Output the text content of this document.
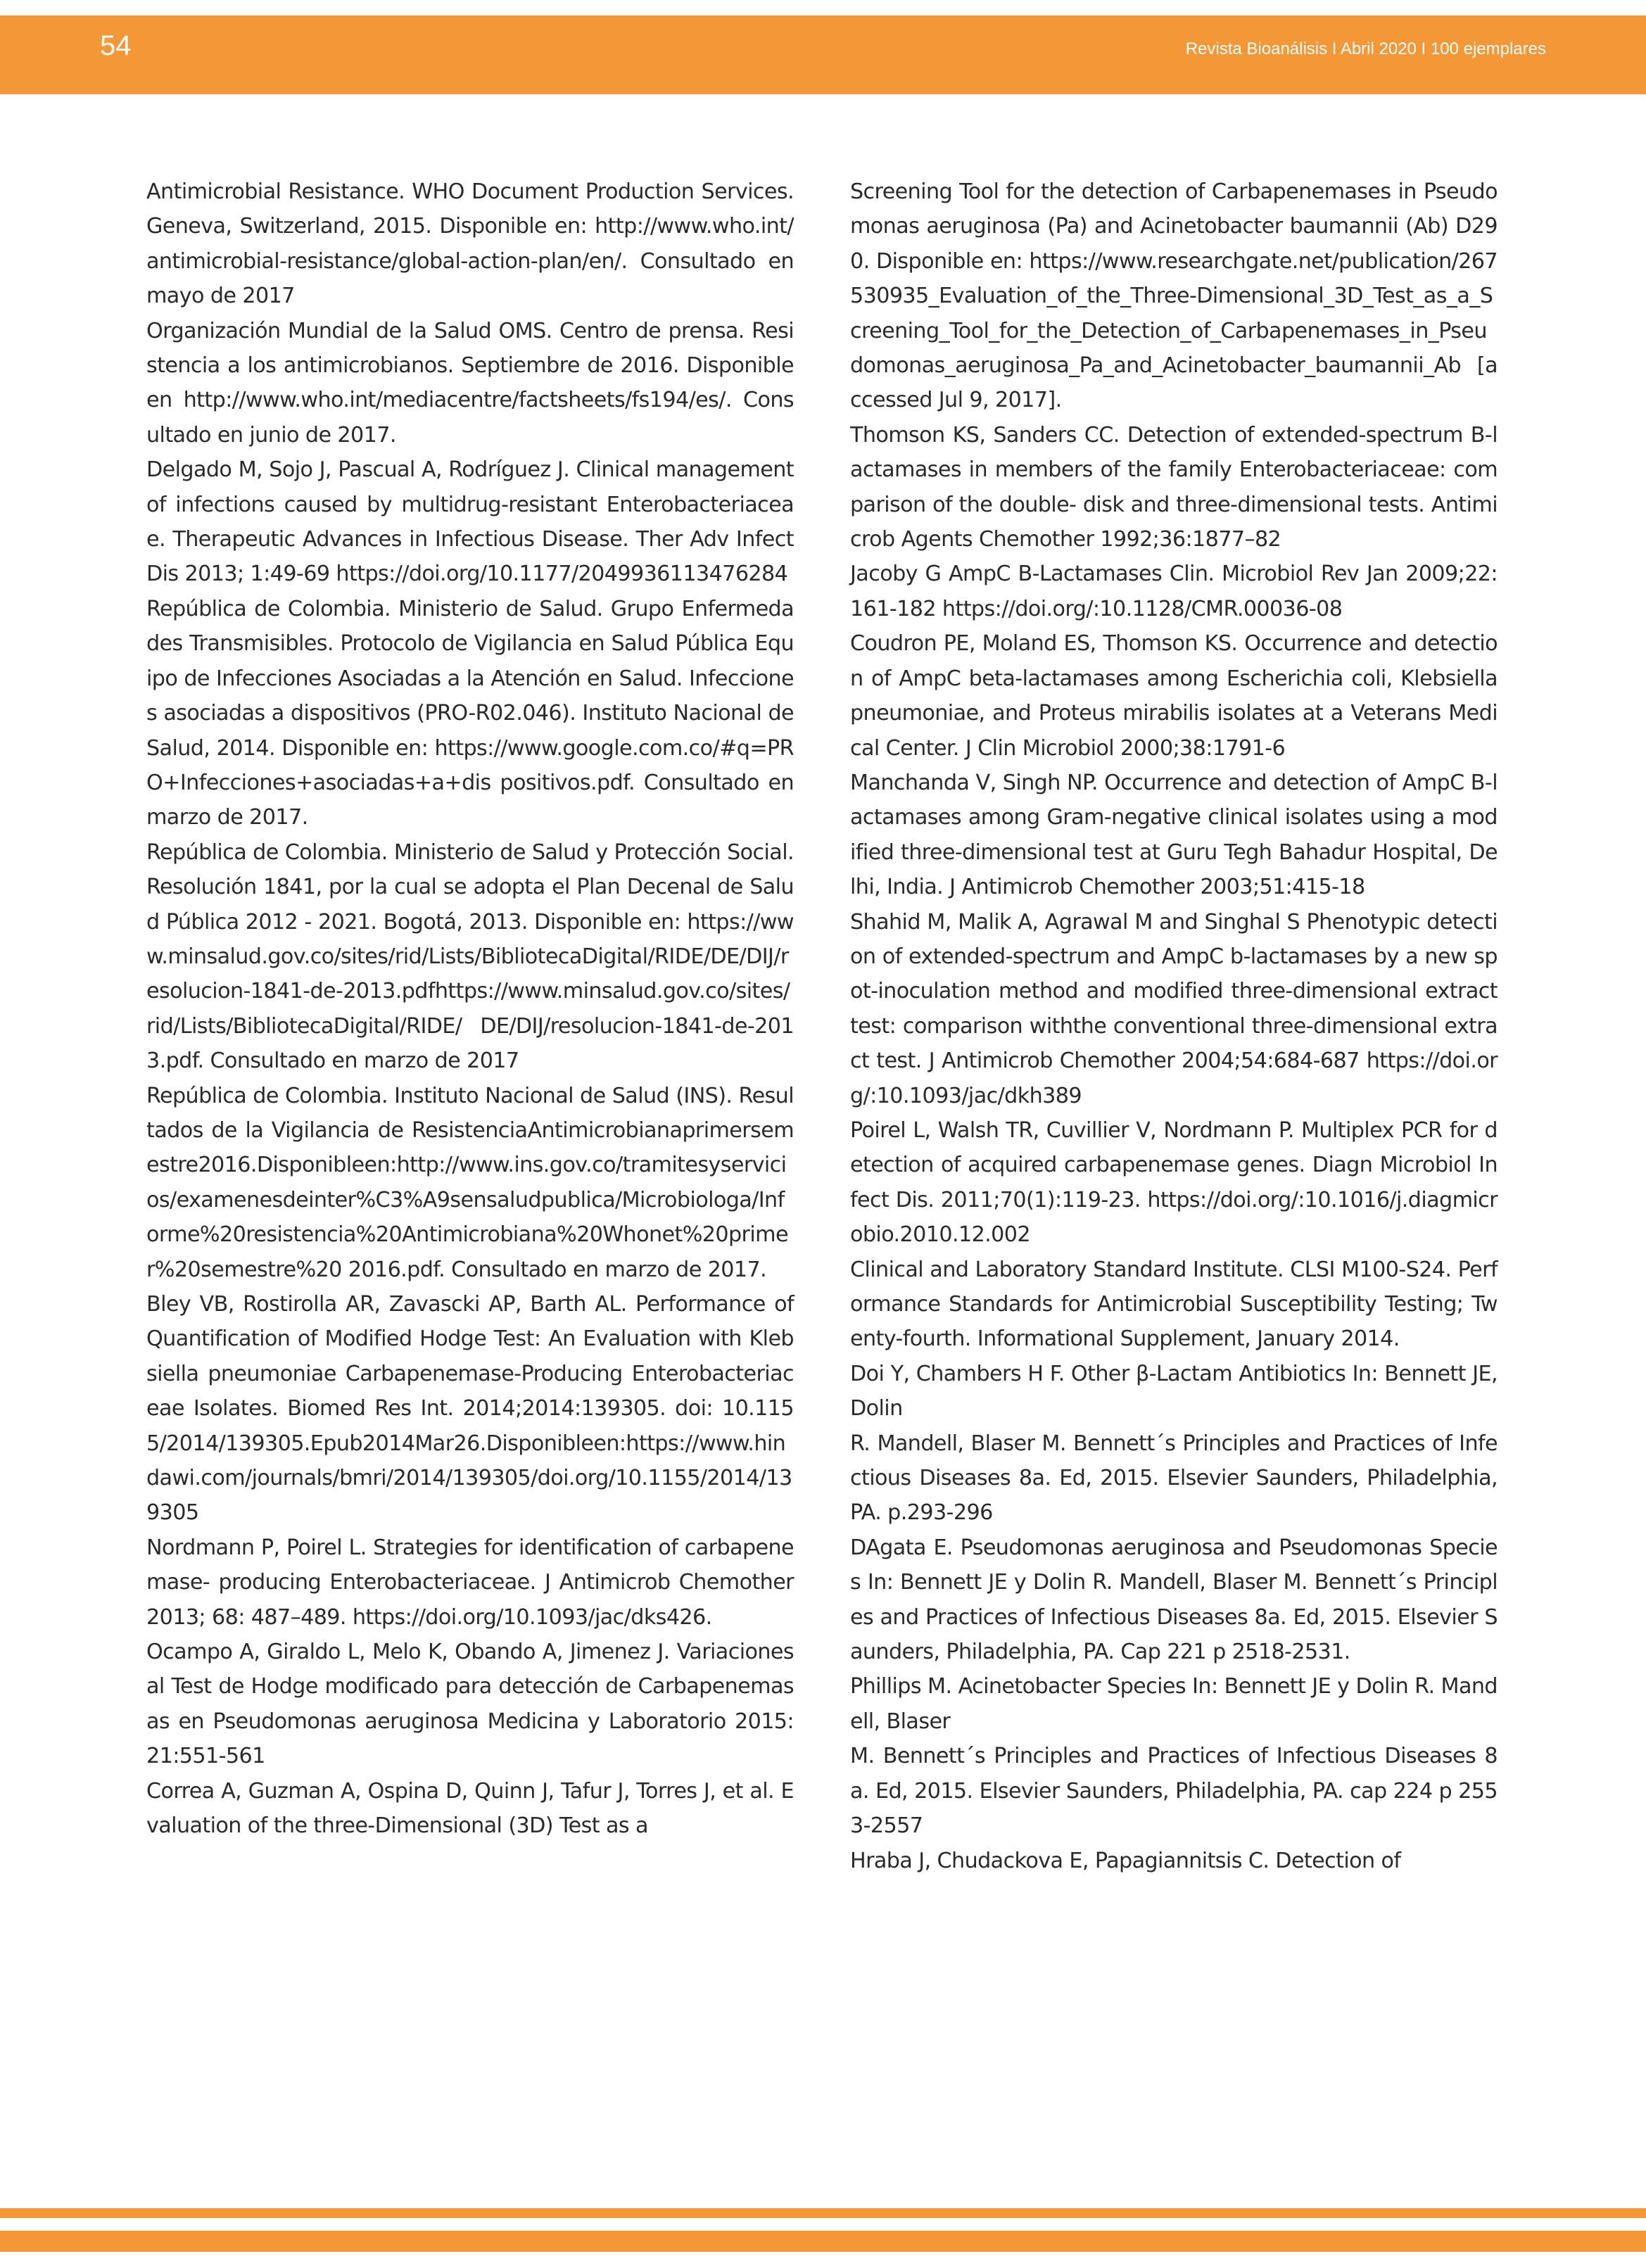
54	Revista Bioanálisis I Abril 2020 I 100 ejemplares

Antimicrobial Resistance. WHO Document Production Services. Geneva, Switzerland, 2015. Disponible en: http://www.who.int/antimicrobial-resistance/global-action-plan/en/. Consultado en mayo de 2017

Organización Mundial de la Salud OMS. Centro de prensa. Resistencia a los antimicrobianos. Septiembre de 2016. Disponible en http://www.who.int/mediacentre/factsheets/fs194/es/. Consultado en junio de 2017.

Delgado M, Sojo J, Pascual A, Rodríguez J. Clinical management of infections caused by multidrug-resistant Enterobacteriaceae. Therapeutic Advances in Infectious Disease. Ther Adv Infect Dis 2013; 1:49-69 https://doi.org/10.1177/2049936113476284

República de Colombia. Ministerio de Salud. Grupo Enfermedades Transmisibles. Protocolo de Vigilancia en Salud Pública Equipo de Infecciones Asociadas a la Atención en Salud. Infecciones asociadas a dispositivos (PRO-R02.046). Instituto Nacional de Salud, 2014. Disponible en: https://www.google.com.co/#q=PRO+Infecciones+asociadas+a+dis positivos.pdf. Consultado en marzo de 2017.

República de Colombia. Ministerio de Salud y Protección Social. Resolución 1841, por la cual se adopta el Plan Decenal de Salud Pública 2012 - 2021. Bogotá, 2013. Disponible en: https://www.minsalud.gov.co/sites/rid/Lists/BibliotecaDigital/RIDE/DE/DIJ/resolucion-1841-de-2013.pdfhttps://www.minsalud.gov.co/sites/rid/Lists/BibliotecaDigital/RIDE/ DE/DIJ/resolucion-1841-de-2013.pdf. Consultado en marzo de 2017

República de Colombia. Instituto Nacional de Salud (INS). Resultados de la Vigilancia de ResistenciaAntimicrobianaprimersemestre2016.Disponibleen:http://www.ins.gov.co/tramitesyservicios/examenesdeinter%C3%A9sensaludpublica/Microbiologa/Informe%20resistencia%20Antimicrobiana%20Whonet%20primer%20semestre%20 2016.pdf. Consultado en marzo de 2017.

Bley VB, Rostirolla AR, Zavascki AP, Barth AL. Performance of Quantification of Modified Hodge Test: An Evaluation with Klebsiella pneumoniae Carbapenemase-Producing Enterobacteriaceae Isolates. Biomed Res Int. 2014;2014:139305. doi: 10.1155/2014/139305.Epub2014Mar26.Disponibleen:https://www.hindawi.com/journals/bmri/2014/139305/doi.org/10.1155/2014/139305

Nordmann P, Poirel L. Strategies for identification of carbapenemase- producing Enterobacteriaceae. J Antimicrob Chemother 2013; 68: 487–489. https://doi.org/10.1093/jac/dks426.

Ocampo A, Giraldo L, Melo K, Obando A, Jimenez J. Variaciones al Test de Hodge modificado para detección de Carbapenemasas en Pseudomonas aeruginosa Medicina y Laboratorio 2015: 21:551-561

Correa A, Guzman A, Ospina D, Quinn J, Tafur J, Torres J, et al. Evaluation of the three-Dimensional (3D) Test as a

Screening Tool for the detection of Carbapenemases in Pseudomonas aeruginosa (Pa) and Acinetobacter baumannii (Ab) D290. Disponible en: https://www.researchgate.net/publication/267530935_Evaluation_of_the_Three-Dimensional_3D_Test_as_a_Screening_Tool_for_the_Detection_of_Carbapenemases_in_Pseudomonas_aeruginosa_Pa_and_Acinetobacter_baumannii_Ab [accessed Jul 9, 2017].

Thomson KS, Sanders CC. Detection of extended-spectrum B-lactamases in members of the family Enterobacteriaceae: comparison of the double- disk and three-dimensional tests. Antimicrob Agents Chemother 1992;36:1877–82

Jacoby G AmpC B-Lactamases Clin. Microbiol Rev Jan 2009;22:161-182 https://doi.org/:10.1128/CMR.00036-08

Coudron PE, Moland ES, Thomson KS. Occurrence and detection of AmpC beta-lactamases among Escherichia coli, Klebsiella pneumoniae, and Proteus mirabilis isolates at a Veterans Medical Center. J Clin Microbiol 2000;38:1791-6

Manchanda V, Singh NP. Occurrence and detection of AmpC B-lactamases among Gram-negative clinical isolates using a modified three-dimensional test at Guru Tegh Bahadur Hospital, Delhi, India. J Antimicrob Chemother 2003;51:415-18

Shahid M, Malik A, Agrawal M and Singhal S Phenotypic detection of extended-spectrum and AmpC b-lactamases by a new spot-inoculation method and modified three-dimensional extract test: comparison withthe conventional three-dimensional extract test. J Antimicrob Chemother 2004;54:684-687 https://doi.org/:10.1093/jac/dkh389

Poirel L, Walsh TR, Cuvillier V, Nordmann P. Multiplex PCR for detection of acquired carbapenemase genes. Diagn Microbiol Infect Dis. 2011;70(1):119-23. https://doi.org/:10.1016/j.diagmicrobio.2010.12.002

Clinical and Laboratory Standard Institute. CLSI M100-S24. Performance Standards for Antimicrobial Susceptibility Testing; Twenty-fourth. Informational Supplement, January 2014.

Doi Y, Chambers H F. Other β-Lactam Antibiotics In: Bennett JE, Dolin

R. Mandell, Blaser M. Bennett´s Principles and Practices of Infectious Diseases 8a. Ed, 2015. Elsevier Saunders, Philadelphia, PA. p.293-296

DAgata E. Pseudomonas aeruginosa and Pseudomonas Species In: Bennett JE y Dolin R. Mandell, Blaser M. Bennett´s Principles and Practices of Infectious Diseases 8a. Ed, 2015. Elsevier Saunders, Philadelphia, PA. Cap 221 p 2518-2531.

Phillips M. Acinetobacter Species In: Bennett JE y Dolin R. Mandell, Blaser

M. Bennett´s Principles and Practices of Infectious Diseases 8a. Ed, 2015. Elsevier Saunders, Philadelphia, PA. cap 224 p 2553-2557

Hraba J, Chudackova E, Papagiannitsis C. Detection of
